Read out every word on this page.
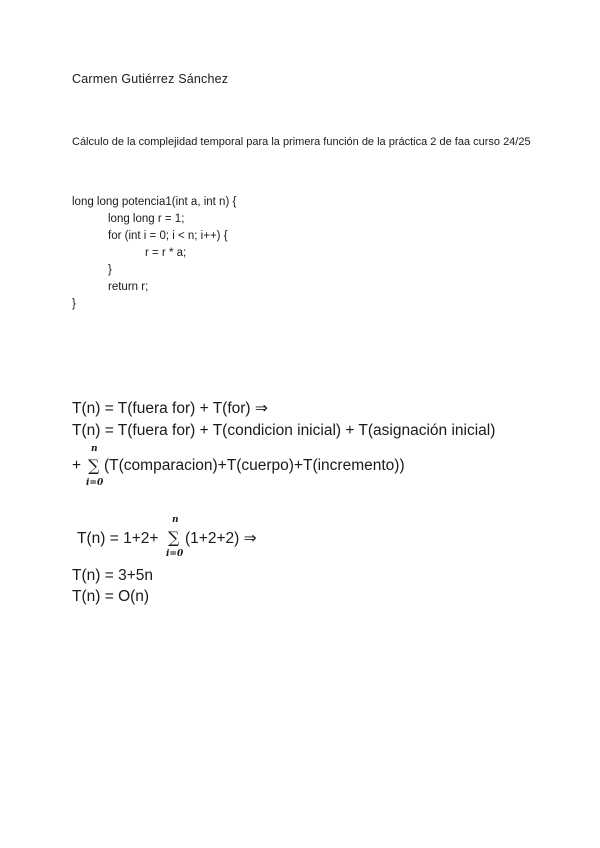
Carmen Gutiérrez Sánchez
Cálculo de la complejidad temporal para la primera función de la práctica 2 de faa curso 24/25
long long potencia1(int a, int n) {
long long r = 1;
for (int i = 0; i < n; i++) {
r = r * a;
}
return r;
}
T(n) = T(fuera for) + T(for) ⇒
T(n) = T(fuera for) + T(condicion inicial) + T(asignación inicial)
+
n
∑
i=0
(T(comparacion)+T(cuerpo)+T(incremento))
T(n) = 1+2+
n
∑
i=0
(1+2+2) ⇒
T(n) = 3+5n
T(n) = O(n)
